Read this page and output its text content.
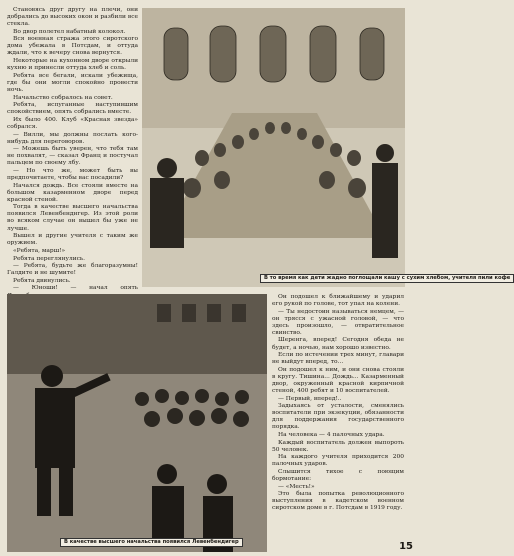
Становясь друг другу на плечи, они добрались до высоких окон и разбили все стекла.

Во двор полетел набатный колокол.

Вся военная стража этого сиротского дома убежала в Потсдам, и оттуда ждали, что к вечеру снова вернутся.

Некоторые на кухонном дворе открыли кухню и принесли оттуда хлеб и соль.

Ребята все бегали, искали убежища, где бы они могли спокойно провести ночь.

Начальство собралось на совет.

Ребята, испуганные наступившим спокойствием, опять собрались вместе.

Их было 400. Клуб «Красная звезда» собрался.

— Вилли, мы должны послать кого-нибудь для переговоров.

— Можешь быть уверен, что тебя там не похвалят, — сказал Франц и постучал пальцем по своему лбу.

— Но что же, может быть вы предпочитаете, чтобы вас посадили?

Начался дождь. Все стояли вместе на большом казарменном дворе перед красной стеной.

Тогда в качестве высшего начальства появился Левенбенднгер. Из этой роли во всяком случае он вышел бы уже не лучше.

Вышел и другие учителя с таким же оружием.

«Ребята, марш!»

Ребята переглянулись.

— Ребята, будьте же благоразумны! Галдите и не шумите!

Ребята двинулись.

— Юноши! — начал опять

В то время как дети жадно поглощали кашу с сухим хлебом, учителя пили кофе
В качестве высшего начальства появился Левенбендигер

Он подошел к ближайшему и ударил его рукой по голове, тот упал на колени.

— Ты недостоин называться немцем, — он трясся с ужасной головой, — что здесь произошло, — отвратительное свинство.

Шеренга, вперед! Сегодня обеда не будет, а ночью, нам хорошо известно.

Если по истечении трех минут, главари не выйдут вперед, то...

Он подошел к ним, и они снова стояли в кругу. Тишина... Дождь... Казарменный двор, окруженный красной кирпичной стеной, 400 ребят и 10 воспитателей.

— Первый, вперед!..

Задыхаясь от усталости, сменялись воспитатели при экзекуции, обязанности для поддержания государственного порядка.

На человека — 4 палочных удара.

Каждый воспитатель должен выпороть 50 человек.

На каждого учителя приходится 200 палочных ударов.

Слышится тихое с поющим бормотание:

— «Месть!»

Это была попытка революционного выступления в кадетском военном сиротском доме в г. Потсдам в 1919 году.

15
